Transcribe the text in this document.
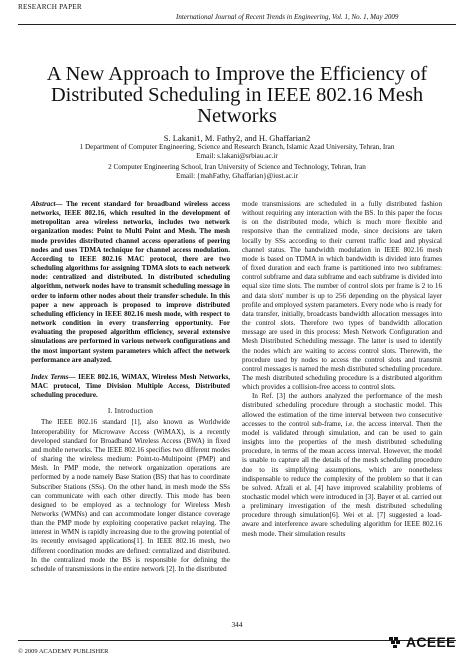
RESEARCH PAPER
International Journal of Recent Trends in Engineering, Vol. 1, No. 1, May 2009
A New Approach to Improve the Efficiency of Distributed Scheduling in IEEE 802.16 Mesh Networks
S. Lakani1, M. Fathy2, and H. Ghaffarian2
1 Department of Computer Engineering, Science and Research Branch, Islamic Azad University, Tehran, Iran
Email: s.lakani@srbiau.ac.ir
2 Computer Engineering School, Iran University of Science and Technology, Tehran, Iran
Email: {mahFathy, Ghaffarian}@iust.ac.ir

Abstract— The recent standard for broadband wireless access networks, IEEE 802.16, which resulted in the development of metropolitan area wireless networks, includes two network organization modes: Point to Multi Point and Mesh. The mesh mode provides distributed channel access operations of peering nodes and uses TDMA technique for channel access modulation. According to IEEE 802.16 MAC protocol, there are two scheduling algorithms for assigning TDMA slots to each network node: centralized and distributed. In distributed scheduling algorithm, network nodes have to transmit scheduling message in order to inform other nodes about their transfer schedule. In this paper a new approach is proposed to improve distributed scheduling efficiency in IEEE 802.16 mesh mode, with respect to network condition in every transferring opportunity. For evaluating the proposed algorithm efficiency, several extensive simulations are performed in various network configurations and the most important system parameters which affect the network performance are analyzed.

Index Terms— IEEE 802.16, WiMAX, Wireless Mesh Networks, MAC protocol, Time Division Multiple Access, Distributed scheduling procedure.

I. Introduction

The IEEE 802.16 standard [1], also known as Worldwide Interoperability for Microwave Access (WiMAX), is a recently developed standard for Broadband Wireless Access (BWA) in fixed and mobile networks. The IEEE 802.16 specifies two different modes of sharing the wireless medium: Point-to-Multipoint (PMP) and Mesh. In PMP mode, the network organization operations are performed by a node namely Base Station (BS) that has to coordinate Subscriber Stations (SSs). On the other hand, in mesh mode the SSs can communicate with each other directly. This mode has been designed to be employed as a technology for Wireless Mesh Networks (WMNs) and can accommodate longer distance coverage than the PMP mode by exploiting cooperative packet relaying. The interest in WMN is rapidly increasing due to the growing potential of its recently envisaged applications[1]. In IEEE 802.16 mesh, two different coordination modes are defined: centralized and distributed. In the centralized mode the BS is responsible for defining the schedule of transmissions in the entire network [2]. In the distributed

mode transmissions are scheduled in a fully distributed fashion without requiring any interaction with the BS. In this paper the focus is on the distributed mode, which is much more flexible and responsive than the centralized mode, since decisions are taken locally by SSs according to their current traffic load and physical channel status. The bandwidth modulation in IEEE 802.16 mesh mode is based on TDMA in which bandwidth is divided into frames of fixed duration and each frame is partitioned into two subframes: control subframe and data subframe and each subframe is divided into equal size time slots. The number of control slots per frame is 2 to 16 and data slots' number is up to 256 depending on the physical layer profile and employed system parameters. Every node who is ready for data transfer, initially, broadcasts bandwidth allocation messages into the control slots. Therefore two types of bandwidth allocation message are used in this process: Mesh Network Configuration and Mesh Distributed Scheduling message. The latter is used to identify the nodes which are waiting to access control slots. Therewith, the procedure used by nodes to access the control slots and transmit control messages is named the mesh distributed scheduling procedure. The mesh distributed scheduling procedure is a distributed algorithm which provides a collision-free access to control slots.

In Ref. [3] the authors analyzed the performance of the mesh distributed scheduling procedure through a stochastic model. This allowed the estimation of the time interval between two consecutive accesses to the control sub-frame, i.e. the access interval. Then the model is validated through simulation, and can be used to gain insights into the properties of the mesh distributed scheduling procedure, in terms of the mean access interval. However, the model is unable to capture all the details of the mesh scheduling procedure due to its simplifying assumptions, which are nonetheless indispensable to reduce the complexity of the problem so that it can be solved. Afzali et al. [4] have improved scalability problems of stochastic model which were introduced in [3]. Bayer et al. carried out a preliminary investigation of the mesh distributed scheduling procedure through simulation[6]. Wei et al. [7] suggested a load-aware and interference aware scheduling algorithm for IEEE 802.16 mesh mode. Their simulation results

344
© 2009 ACADEMY PUBLISHER
ACEEE
